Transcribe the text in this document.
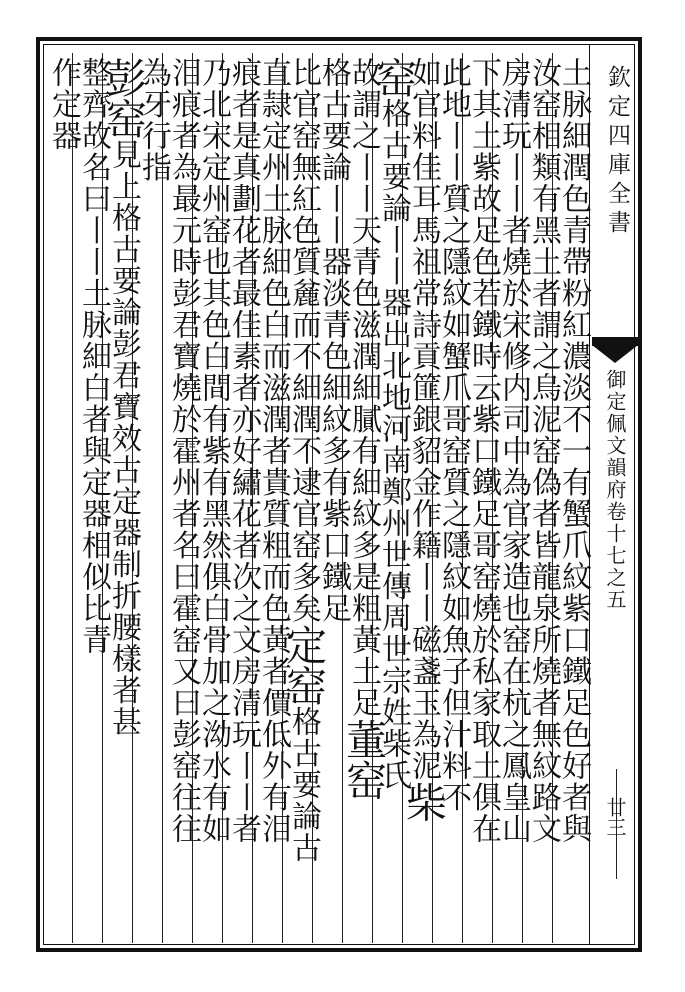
土脉細潤色青帶粉紅濃淡不一有蟹爪紋紫口鐵足色好者與
汝窑相類有黑土者謂之烏泥窑偽者皆龍泉所燒者無紋路文
房清玩丨丨者燒於宋修内司中為官家造也窑在杭之鳳皇山
下其土紫故足色若鐵時云紫口鐵足哥窑燒於私家取土俱在
此地丨丨質之隱紋如蟹爪哥窑質之隱紋如魚子但汁料不
如官料佳耳馬祖常詩貢篚銀貂金作籍丨丨磁盞玉為泥柴
窑格古要論丨丨器出北地河南鄭州世傳周世宗姓柴氏
故謂之丨丨天青色滋潤細膩有細紋多是粗黃土足董窑
格古要論丨丨器淡青色細紋多有紫口鐵足
比官窑無紅色質麄而不細潤不逮官窑多矣定窑格古要論古
直隷定州土脉細色白而滋潤者貴質粗而色黃者價低外有泪
痕者是真劃花者最佳素者亦好繡花者次之文房清玩丨丨者
乃北宋定州窑也其色白間有紫有黑然俱白骨加之泑水有如
泪痕者為最元時彭君寶燒於霍州者名曰霍窑又曰彭窑往往
為牙行指
彭窑見上格古要論彭君寶效古定器制折腰樣者甚
整齊故名曰丨丨土脉細白者與定器相似比青
作定器	欽定四庫全書
御定佩文韻府卷十七之五
廿三
